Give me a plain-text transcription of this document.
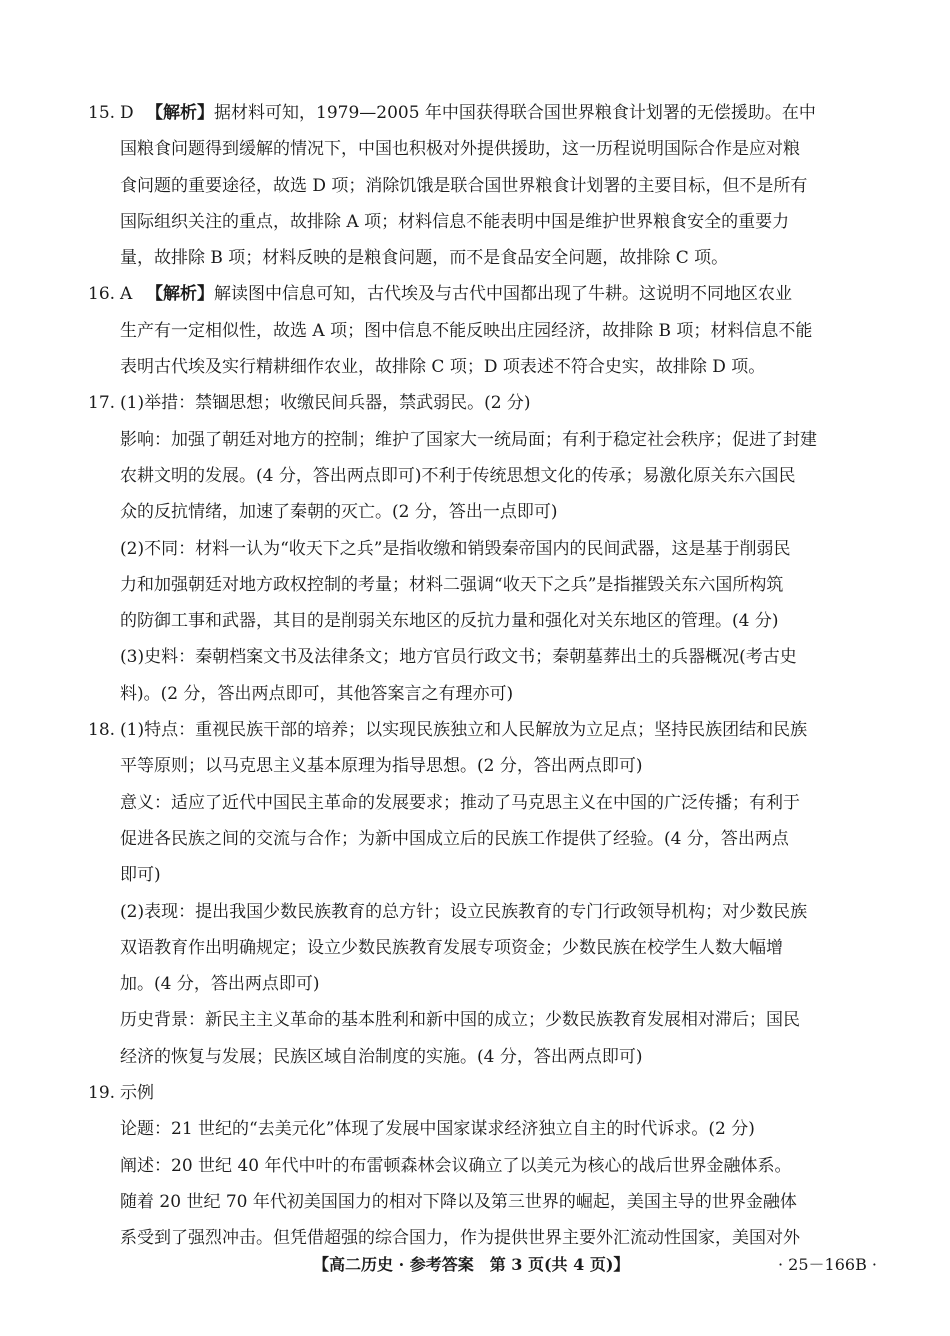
15. D 【解析】据材料可知，1979—2005 年中国获得联合国世界粮食计划署的无偿援助。在中
国粮食问题得到缓解的情况下，中国也积极对外提供援助，这一历程说明国际合作是应对粮
食问题的重要途径，故选 D 项；消除饥饿是联合国世界粮食计划署的主要目标，但不是所有
国际组织关注的重点，故排除 A 项；材料信息不能表明中国是维护世界粮食安全的重要力
量，故排除 B 项；材料反映的是粮食问题，而不是食品安全问题，故排除 C 项。
16. A 【解析】解读图中信息可知，古代埃及与古代中国都出现了牛耕。这说明不同地区农业
生产有一定相似性，故选 A 项；图中信息不能反映出庄园经济，故排除 B 项；材料信息不能
表明古代埃及实行精耕细作农业，故排除 C 项；D 项表述不符合史实，故排除 D 项。
17. (1)举措：禁锢思想；收缴民间兵器，禁武弱民。(2 分)
影响：加强了朝廷对地方的控制；维护了国家大一统局面；有利于稳定社会秩序；促进了封建
农耕文明的发展。(4 分，答出两点即可)不利于传统思想文化的传承；易激化原关东六国民
众的反抗情绪，加速了秦朝的灭亡。(2 分，答出一点即可)
(2)不同：材料一认为“收天下之兵”是指收缴和销毁秦帝国内的民间武器，这是基于削弱民
力和加强朝廷对地方政权控制的考量；材料二强调“收天下之兵”是指摧毁关东六国所构筑
的防御工事和武器，其目的是削弱关东地区的反抗力量和强化对关东地区的管理。(4 分)
(3)史料：秦朝档案文书及法律条文；地方官员行政文书；秦朝墓葬出土的兵器概况(考古史
料)。(2 分，答出两点即可，其他答案言之有理亦可)
18. (1)特点：重视民族干部的培养；以实现民族独立和人民解放为立足点；坚持民族团结和民族
平等原则；以马克思主义基本原理为指导思想。(2 分，答出两点即可)
意义：适应了近代中国民主革命的发展要求；推动了马克思主义在中国的广泛传播；有利于
促进各民族之间的交流与合作；为新中国成立后的民族工作提供了经验。(4 分，答出两点
即可)
(2)表现：提出我国少数民族教育的总方针；设立民族教育的专门行政领导机构；对少数民族
双语教育作出明确规定；设立少数民族教育发展专项资金；少数民族在校学生人数大幅增
加。(4 分，答出两点即可)
历史背景：新民主主义革命的基本胜利和新中国的成立；少数民族教育发展相对滞后；国民
经济的恢复与发展；民族区域自治制度的实施。(4 分，答出两点即可)
19. 示例
论题：21 世纪的“去美元化”体现了发展中国家谋求经济独立自主的时代诉求。(2 分)
阐述：20 世纪 40 年代中叶的布雷顿森林会议确立了以美元为核心的战后世界金融体系。
随着 20 世纪 70 年代初美国国力的相对下降以及第三世界的崛起，美国主导的世界金融体
系受到了强烈冲击。但凭借超强的综合国力，作为提供世界主要外汇流动性国家，美国对外
【高二历史 · 参考答案　第 3 页(共 4 页)】	· 25－166B ·
